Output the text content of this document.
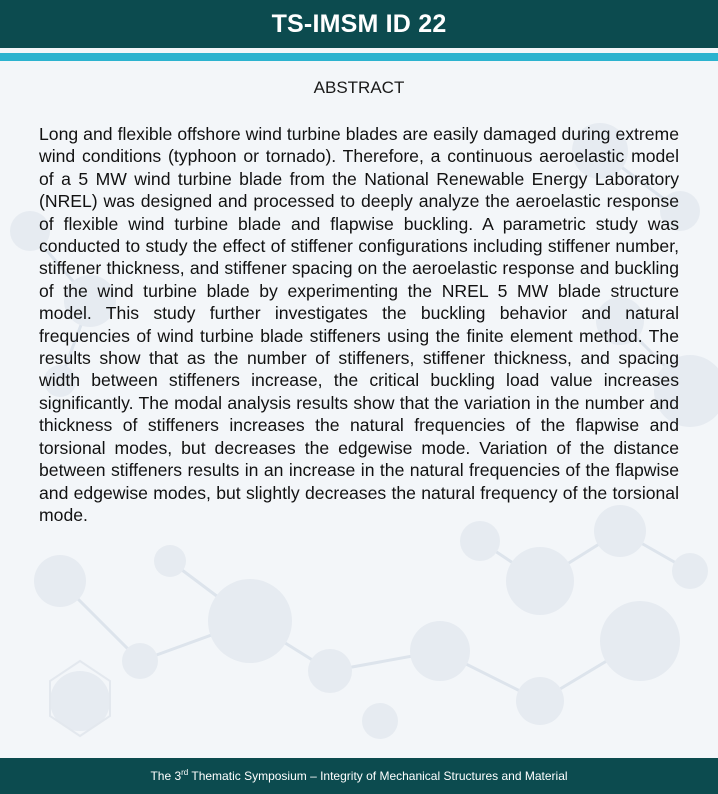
TS-IMSM ID 22
ABSTRACT

Long and flexible offshore wind turbine blades are easily damaged during extreme wind conditions (typhoon or tornado). Therefore, a continuous aeroelastic model of a 5 MW wind turbine blade from the National Renewable Energy Laboratory (NREL) was designed and processed to deeply analyze the aeroelastic response of flexible wind turbine blade and flapwise buckling. A parametric study was conducted to study the effect of stiffener configurations including stiffener number, stiffener thickness, and stiffener spacing on the aeroelastic response and buckling of the wind turbine blade by experimenting the NREL 5 MW blade structure model. This study further investigates the buckling behavior and natural frequencies of wind turbine blade stiffeners using the finite element method. The results show that as the number of stiffeners, stiffener thickness, and spacing width between stiffeners increase, the critical buckling load value increases significantly. The modal analysis results show that the variation in the number and thickness of stiffeners increases the natural frequencies of the flapwise and torsional modes, but decreases the edgewise mode. Variation of the distance between stiffeners results in an increase in the natural frequencies of the flapwise and edgewise modes, but slightly decreases the natural frequency of the torsional mode.

The 3rd Thematic Symposium – Integrity of Mechanical Structures and Material
